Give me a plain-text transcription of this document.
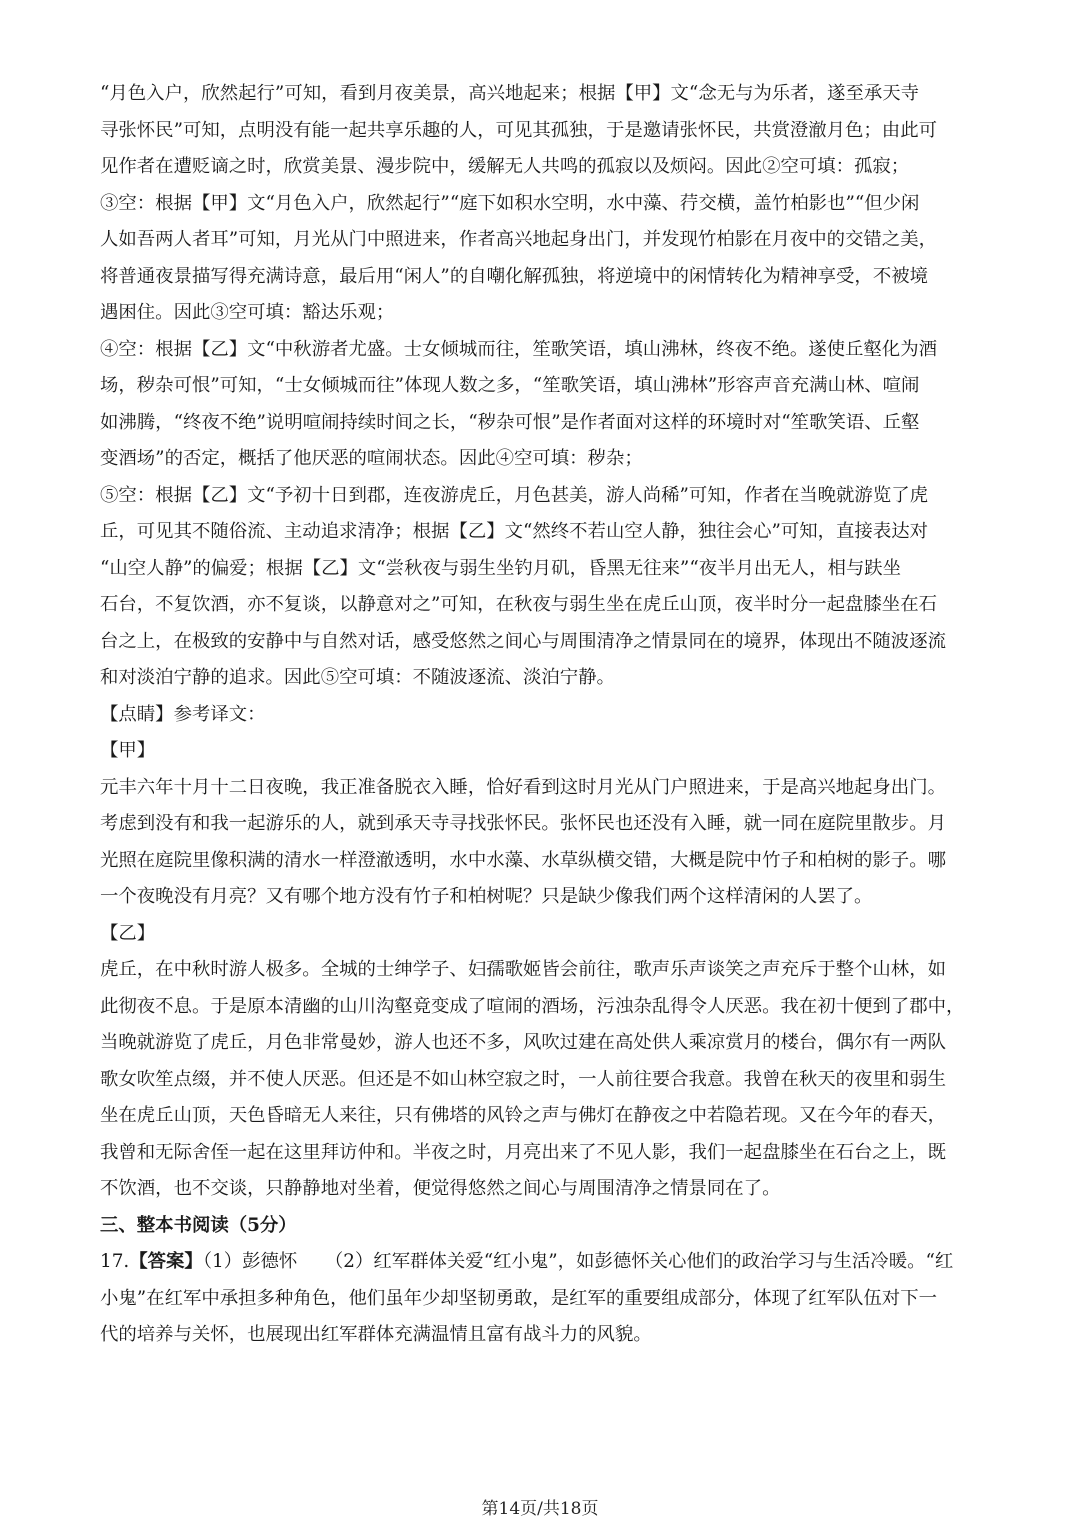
“月色入户，欣然起行”可知，看到月夜美景，高兴地起来；根据【甲】文“念无与为乐者，遂至承天寺
寻张怀民”可知，点明没有能一起共享乐趣的人，可见其孤独，于是邀请张怀民，共赏澄澈月色；由此可
见作者在遭贬谪之时，欣赏美景、漫步院中，缓解无人共鸣的孤寂以及烦闷。因此②空可填：孤寂；
③空：根据【甲】文“月色入户，欣然起行”“庭下如积水空明，水中藻、荇交横，盖竹柏影也”“但少闲
人如吾两人者耳”可知，月光从门中照进来，作者高兴地起身出门，并发现竹柏影在月夜中的交错之美，
将普通夜景描写得充满诗意，最后用“闲人”的自嘲化解孤独，将逆境中的闲情转化为精神享受，不被境
遇困住。因此③空可填：豁达乐观；
④空：根据【乙】文“中秋游者尤盛。士女倾城而往，笙歌笑语，填山沸林，终夜不绝。遂使丘壑化为酒
场，秽杂可恨”可知，“士女倾城而往”体现人数之多，“笙歌笑语，填山沸林”形容声音充满山林、喧闹
如沸腾，“终夜不绝”说明喧闹持续时间之长，“秽杂可恨”是作者面对这样的环境时对“笙歌笑语、丘壑
变酒场”的否定，概括了他厌恶的喧闹状态。因此④空可填：秽杂；
⑤空：根据【乙】文“予初十日到郡，连夜游虎丘，月色甚美，游人尚稀”可知，作者在当晚就游览了虎
丘，可见其不随俗流、主动追求清净；根据【乙】文“然终不若山空人静，独往会心”可知，直接表达对
“山空人静”的偏爱；根据【乙】文“尝秋夜与弱生坐钓月矶，昏黑无往来”“夜半月出无人，相与趺坐
石台，不复饮酒，亦不复谈，以静意对之”可知，在秋夜与弱生坐在虎丘山顶，夜半时分一起盘膝坐在石
台之上，在极致的安静中与自然对话，感受悠然之间心与周围清净之情景同在的境界，体现出不随波逐流
和对淡泊宁静的追求。因此⑤空可填：不随波逐流、淡泊宁静。
【点睛】参考译文：
【甲】
元丰六年十月十二日夜晚，我正准备脱衣入睡，恰好看到这时月光从门户照进来，于是高兴地起身出门。
考虑到没有和我一起游乐的人，就到承天寺寻找张怀民。张怀民也还没有入睡，就一同在庭院里散步。月
光照在庭院里像积满的清水一样澄澈透明，水中水藻、水草纵横交错，大概是院中竹子和柏树的影子。哪
一个夜晚没有月亮？又有哪个地方没有竹子和柏树呢？只是缺少像我们两个这样清闲的人罢了。
【乙】
虎丘，在中秋时游人极多。全城的士绅学子、妇孺歌姬皆会前往，歌声乐声谈笑之声充斥于整个山林，如
此彻夜不息。于是原本清幽的山川沟壑竟变成了喧闹的酒场，污浊杂乱得令人厌恶。我在初十便到了郡中，
当晚就游览了虎丘，月色非常曼妙，游人也还不多，风吹过建在高处供人乘凉赏月的楼台，偶尔有一两队
歌女吹笙点缀，并不使人厌恶。但还是不如山林空寂之时，一人前往要合我意。我曾在秋天的夜里和弱生
坐在虎丘山顶，天色昏暗无人来往，只有佛塔的风铃之声与佛灯在静夜之中若隐若现。又在今年的春天，
我曾和无际舍侄一起在这里拜访仲和。半夜之时，月亮出来了不见人影，我们一起盘膝坐在石台之上，既
不饮酒，也不交谈，只静静地对坐着，便觉得悠然之间心与周围清净之情景同在了。
三、整本书阅读（5分）
17.【答案】（1）彭德怀　　（2）红军群体关爱“红小鬼”，如彭德怀关心他们的政治学习与生活冷暖。“红
小鬼”在红军中承担多种角色，他们虽年少却坚韧勇敢，是红军的重要组成部分，体现了红军队伍对下一
代的培养与关怀，也展现出红军群体充满温情且富有战斗力的风貌。
第14页/共18页
